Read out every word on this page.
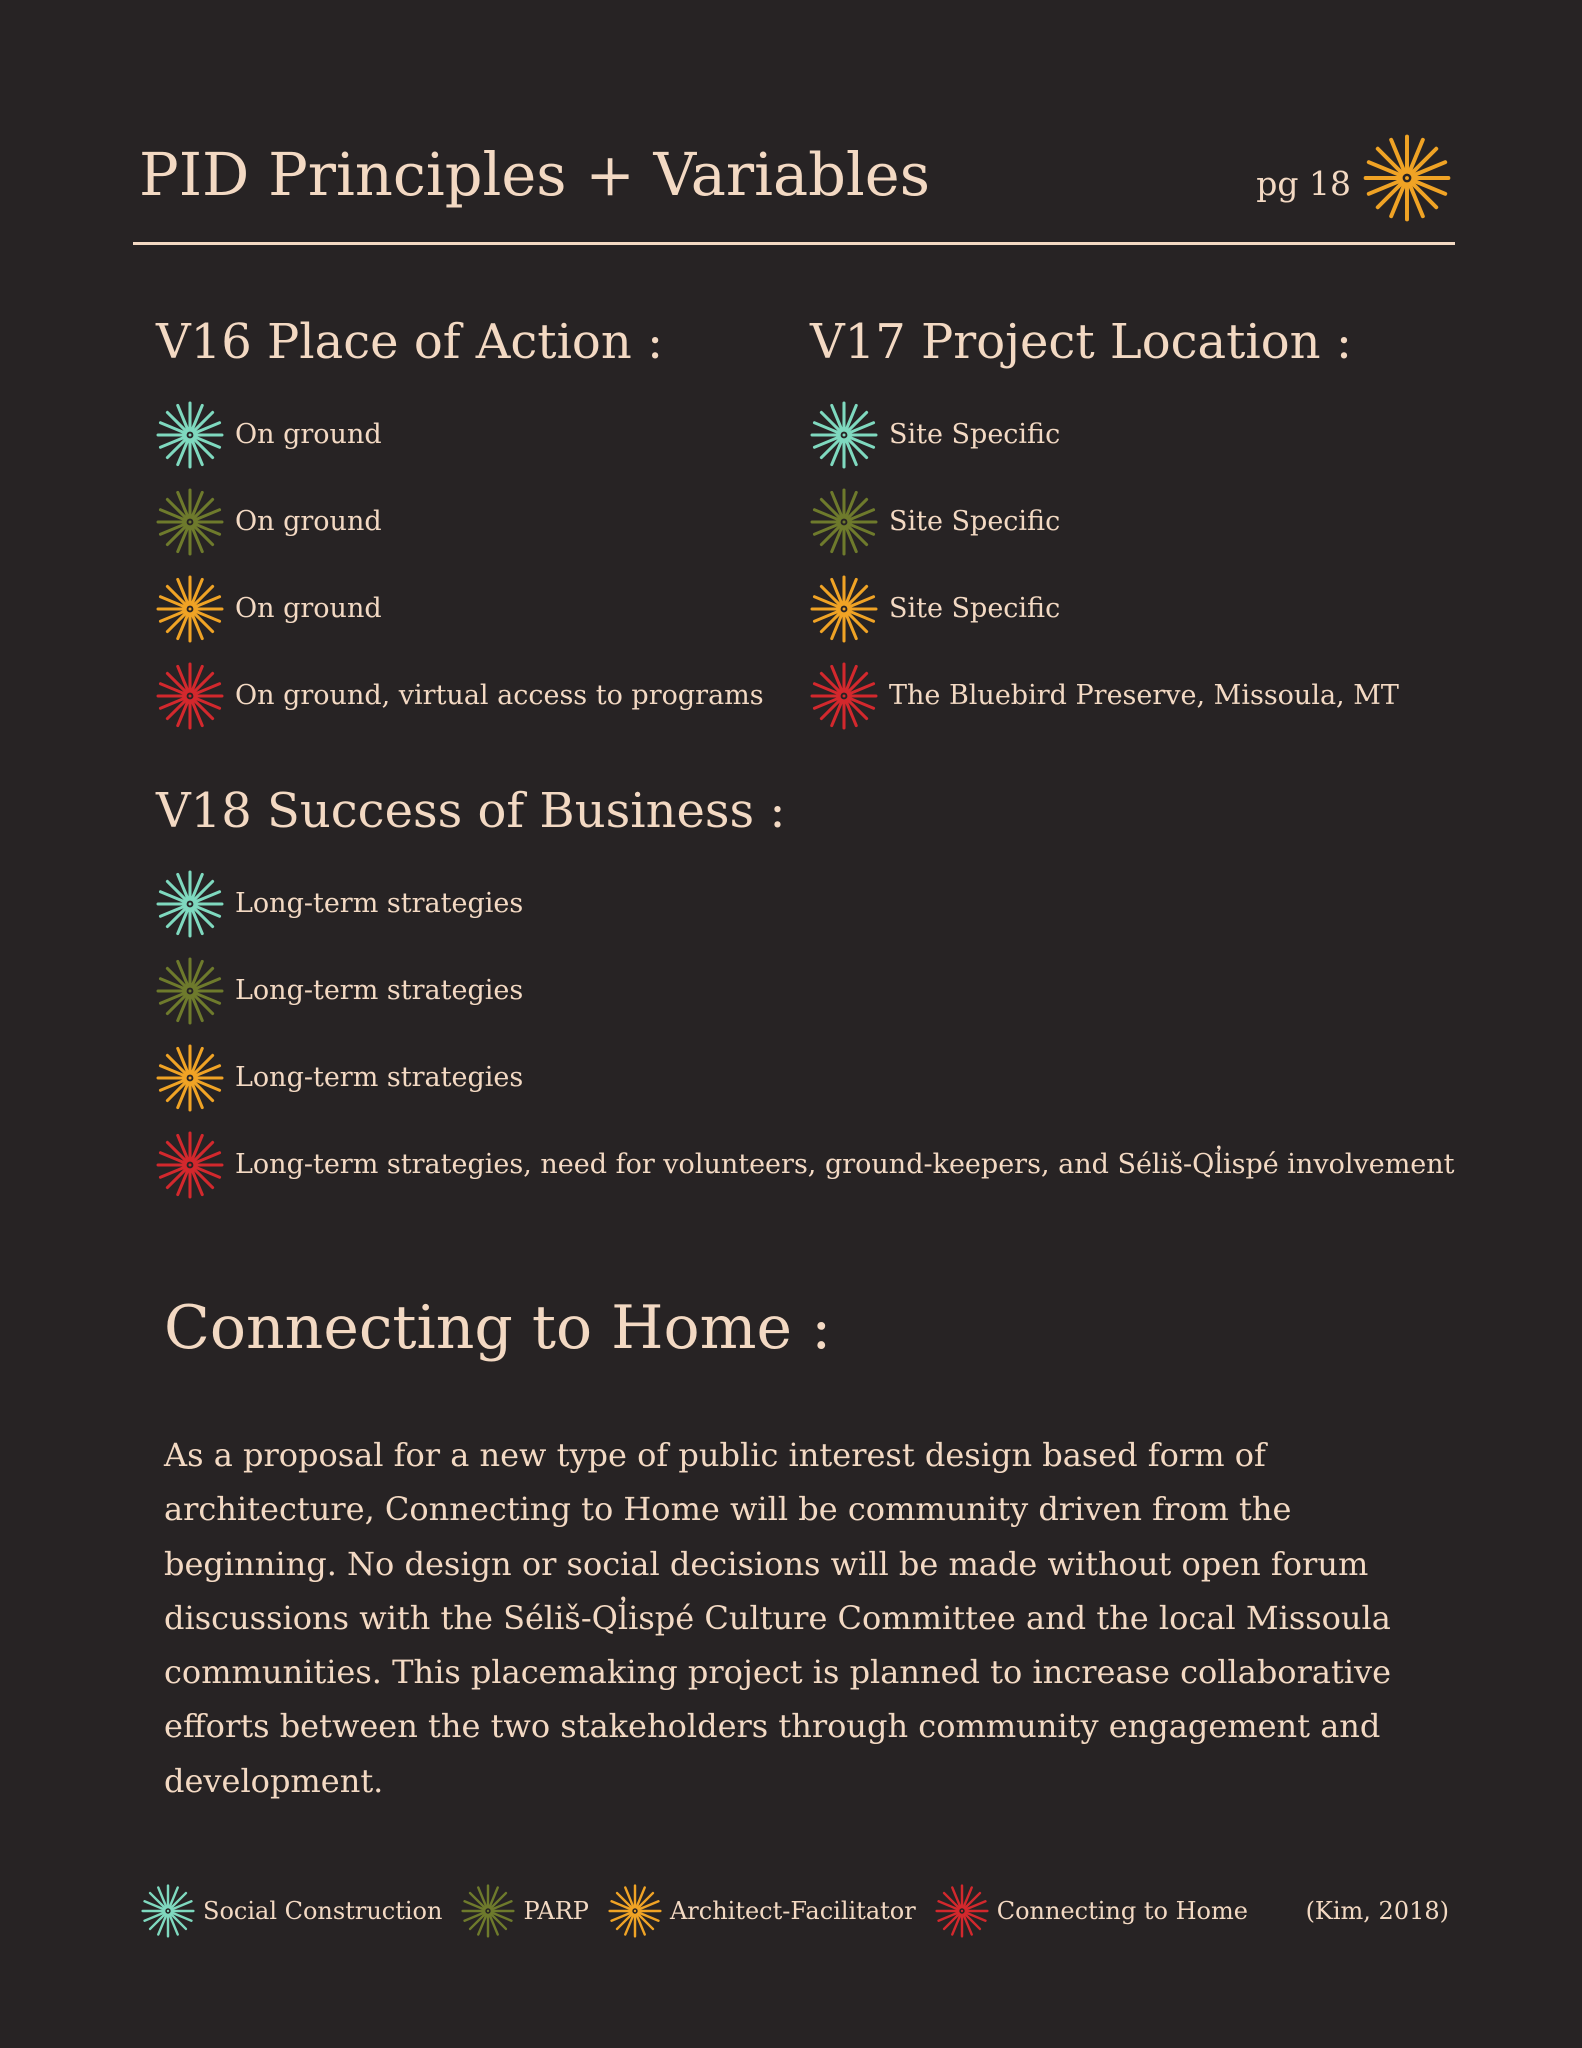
PID Principles + Variables	pg 18
V16 Place of Action :
On ground
On ground
On ground
On ground, virtual access to programs
V17 Project Location :
Site Specific
Site Specific
Site Specific
The Bluebird Preserve, Missoula, MT
V18 Success of Business :
Long-term strategies
Long-term strategies
Long-term strategies
Long-term strategies, need for volunteers, ground-keepers, and Séliš-Ql̓ispé involvement
Connecting to Home :

As a proposal for a new type of public interest design based form of architecture, Connecting to Home will be community driven from the beginning. No design or social decisions will be made without open forum discussions with the Séliš-Ql̓ispé Culture Committee and the local Missoula communities. This placemaking project is planned to increase collaborative efforts between the two stakeholders through community engagement and development.

Social Construction	PARP	Architect-Facilitator	Connecting to Home (Kim, 2018)
